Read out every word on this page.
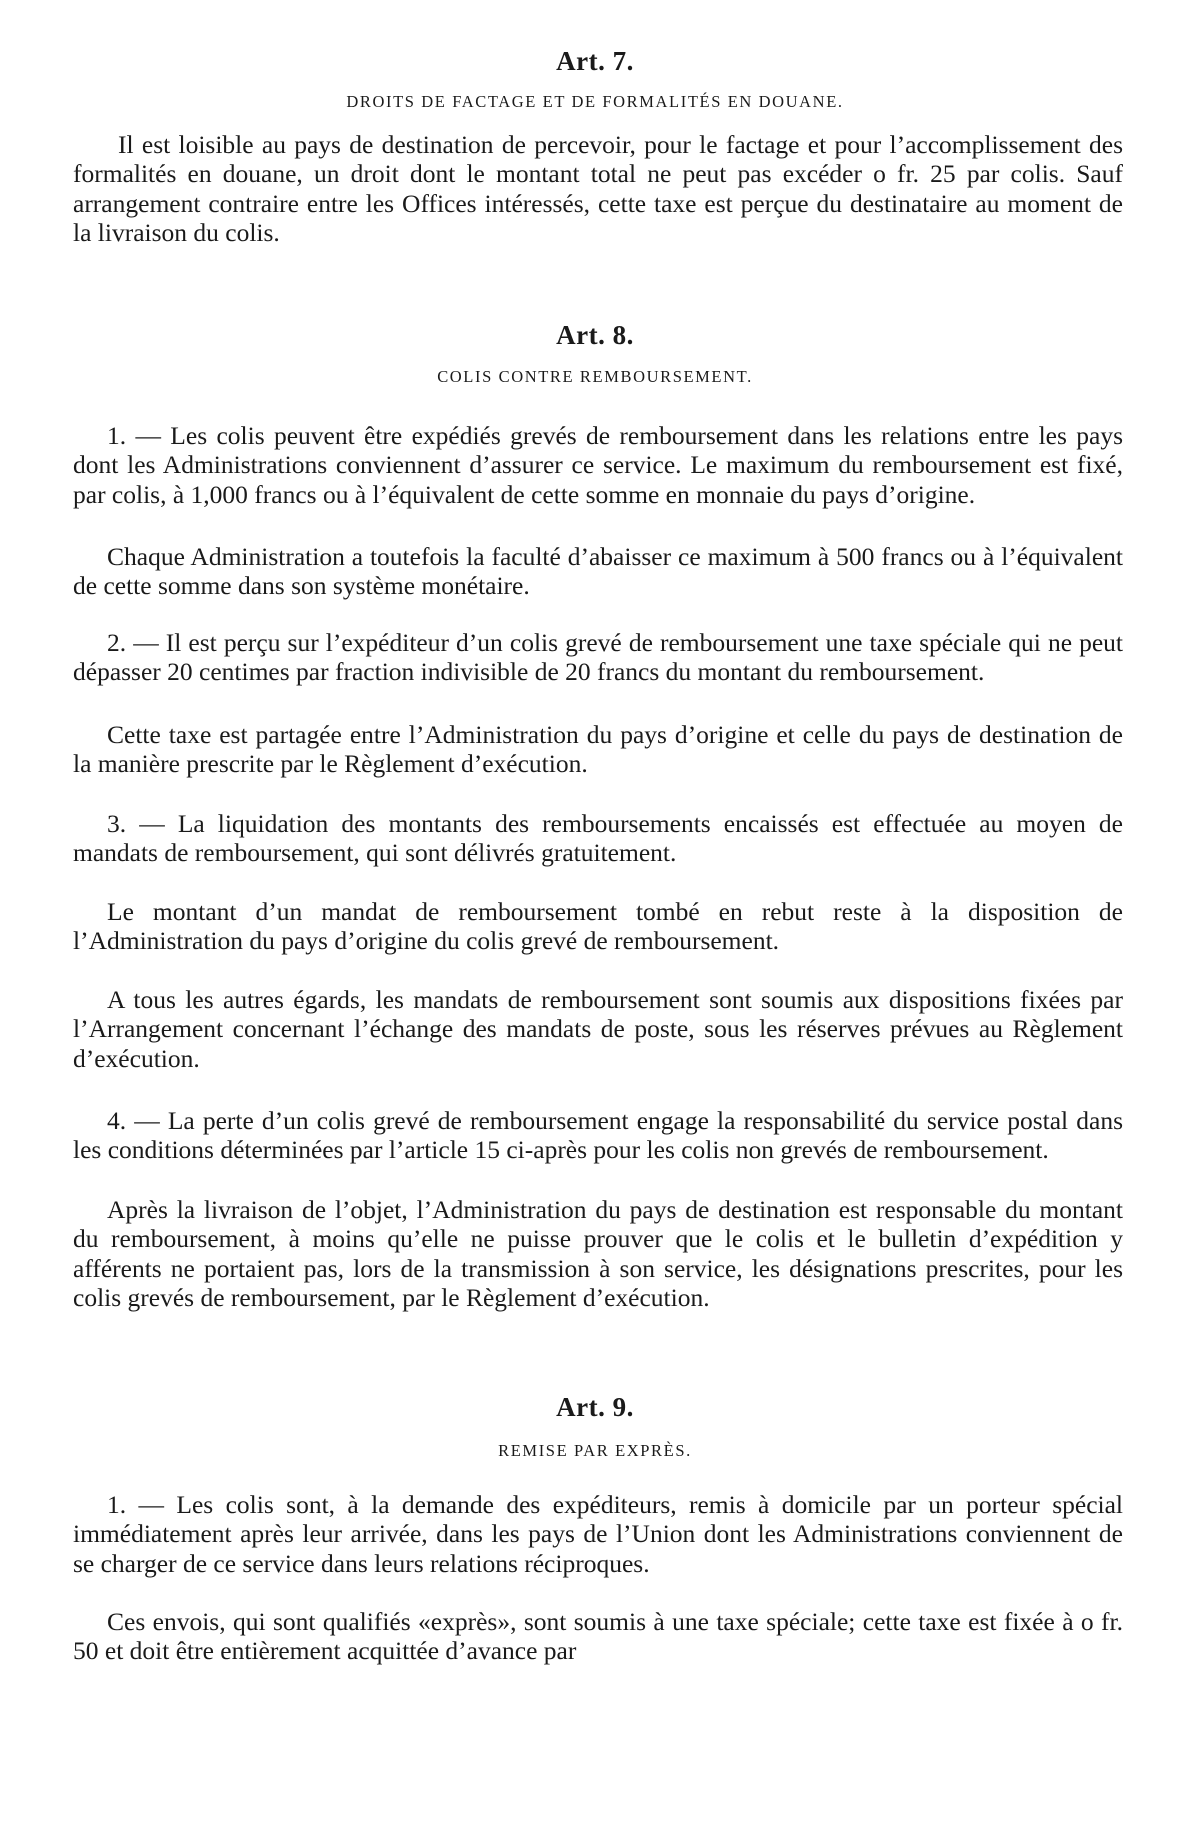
Art. 7.
DROITS DE FACTAGE ET DE FORMALITÉS EN DOUANE.

Il est loisible au pays de destination de percevoir, pour le factage et pour l’accomplissement des formalités en douane, un droit dont le montant total ne peut pas excéder o fr. 25 par colis. Sauf arrangement contraire entre les Offices intéressés, cette taxe est perçue du destinataire au moment de la livraison du colis.

Art. 8.
COLIS CONTRE REMBOURSEMENT.

1. — Les colis peuvent être expédiés grevés de remboursement dans les relations entre les pays dont les Administrations conviennent d’assurer ce service. Le maximum du remboursement est fixé, par colis, à 1,000 francs ou à l’équivalent de cette somme en monnaie du pays d’origine.

Chaque Administration a toutefois la faculté d’abaisser ce maximum à 500 francs ou à l’équivalent de cette somme dans son système monétaire.

2. — Il est perçu sur l’expéditeur d’un colis grevé de remboursement une taxe spéciale qui ne peut dépasser 20 centimes par fraction indivisible de 20 francs du montant du remboursement.

Cette taxe est partagée entre l’Administration du pays d’origine et celle du pays de destination de la manière prescrite par le Règlement d’exécution.

3. — La liquidation des montants des remboursements encaissés est effectuée au moyen de mandats de remboursement, qui sont délivrés gratuitement.

Le montant d’un mandat de remboursement tombé en rebut reste à la disposition de l’Administration du pays d’origine du colis grevé de remboursement.

A tous les autres égards, les mandats de remboursement sont soumis aux dispositions fixées par l’Arrangement concernant l’échange des mandats de poste, sous les réserves prévues au Règlement d’exécution.

4. — La perte d’un colis grevé de remboursement engage la responsabilité du service postal dans les conditions déterminées par l’article 15 ci-après pour les colis non grevés de remboursement.

Après la livraison de l’objet, l’Administration du pays de destination est responsable du montant du remboursement, à moins qu’elle ne puisse prouver que le colis et le bulletin d’expédition y afférents ne portaient pas, lors de la transmission à son service, les désignations prescrites, pour les colis grevés de remboursement, par le Règlement d’exécution.

Art. 9.
REMISE PAR EXPRÈS.

1. — Les colis sont, à la demande des expéditeurs, remis à domicile par un porteur spécial immédiatement après leur arrivée, dans les pays de l’Union dont les Administrations conviennent de se charger de ce service dans leurs relations réciproques.

Ces envois, qui sont qualifiés «exprès», sont soumis à une taxe spéciale; cette taxe est fixée à o fr. 50 et doit être entièrement acquittée d’avance par
